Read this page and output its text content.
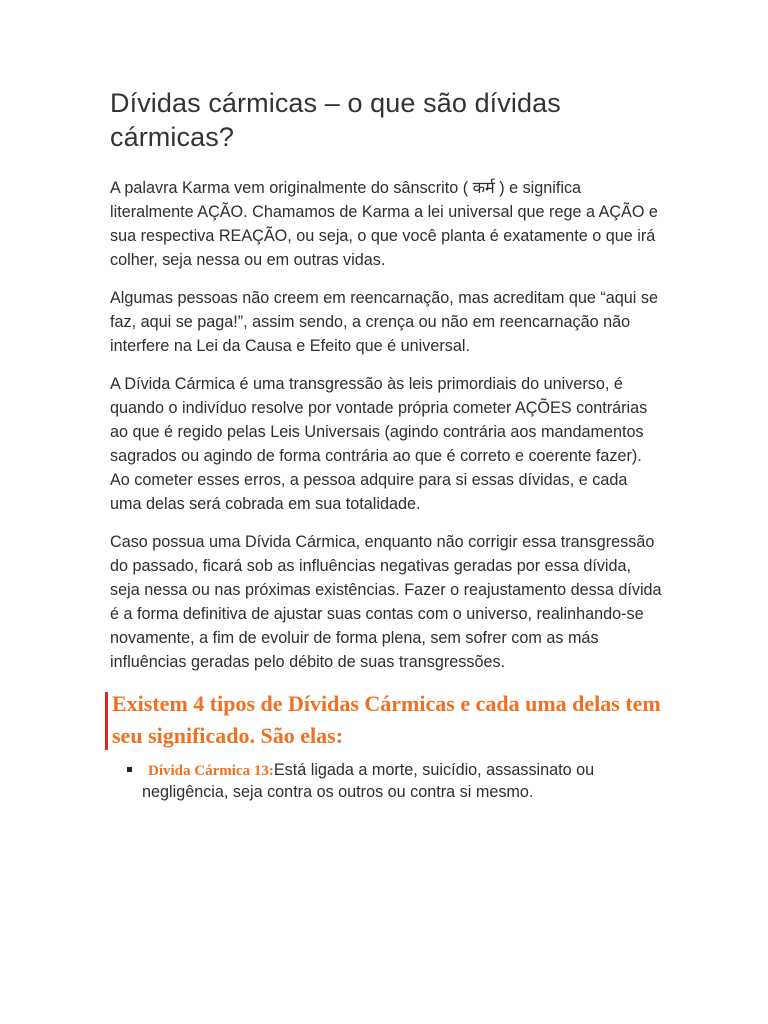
Dívidas cármicas – o que são dívidas cármicas?

A palavra Karma vem originalmente do sânscrito ( कर्म ) e significa literalmente AÇÃO. Chamamos de Karma a lei universal que rege a AÇÃO e sua respectiva REAÇÃO, ou seja, o que você planta é exatamente o que irá colher, seja nessa ou em outras vidas.

Algumas pessoas não creem em reencarnação, mas acreditam que “aqui se faz, aqui se paga!”, assim sendo, a crença ou não em reencarnação não interfere na Lei da Causa e Efeito que é universal.

A Dívida Cármica é uma transgressão às leis primordiais do universo, é quando o indivíduo resolve por vontade própria cometer AÇÕES contrárias ao que é regido pelas Leis Universais (agindo contrária aos mandamentos sagrados ou agindo de forma contrária ao que é correto e coerente fazer). Ao cometer esses erros, a pessoa adquire para si essas dívidas, e cada uma delas será cobrada em sua totalidade.

Caso possua uma Dívida Cármica, enquanto não corrigir essa transgressão do passado, ficará sob as influências negativas geradas por essa dívida, seja nessa ou nas próximas existências. Fazer o reajustamento dessa dívida é a forma definitiva de ajustar suas contas com o universo, realinhando-se novamente, a fim de evoluir de forma plena, sem sofrer com as más influências geradas pelo débito de suas transgressões.

Existem 4 tipos de Dívidas Cármicas e cada uma delas tem seu significado. São elas:
Dívida Cármica 13:Está ligada a morte, suicídio, assassinato ou negligência, seja contra os outros ou contra si mesmo.
